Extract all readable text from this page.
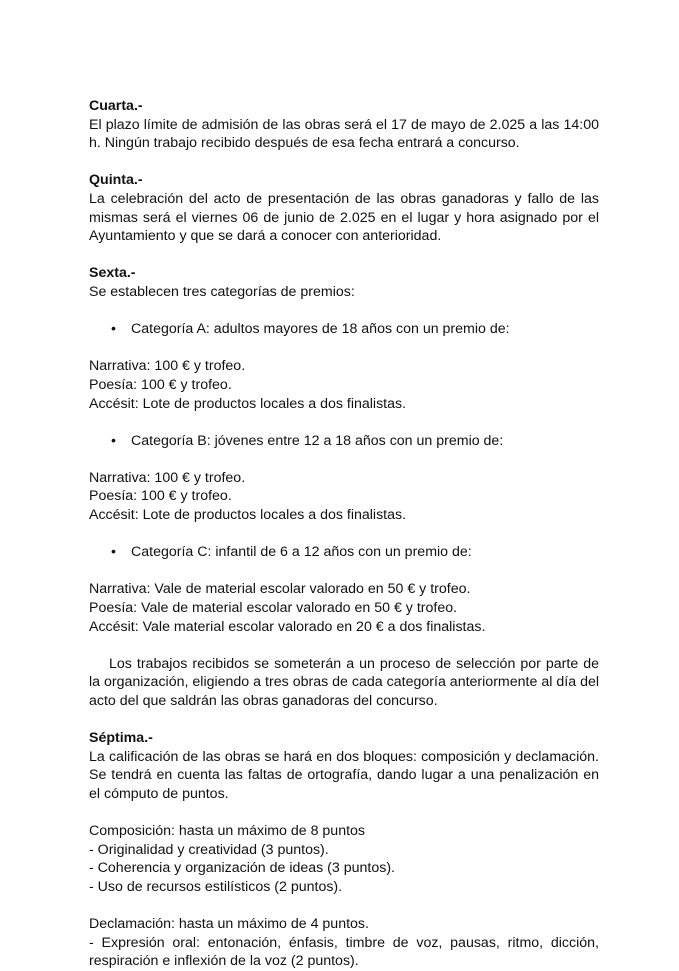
Cuarta.-

El plazo límite de admisión de las obras será el 17 de mayo de 2.025 a las 14:00 h. Ningún trabajo recibido después de esa fecha entrará a concurso.

Quinta.-

La celebración del acto de presentación de las obras ganadoras y fallo de las mismas será el viernes 06 de junio de 2.025 en el lugar y hora asignado por el Ayuntamiento y que se dará a conocer con anterioridad.

Sexta.-

Se establecen tres categorías de premios:

• Categoría A: adultos mayores de 18 años con un premio de:

Narrativa: 100 € y trofeo.

Poesía: 100 € y trofeo.

Accésit: Lote de productos locales a dos finalistas.

• Categoría B: jóvenes entre 12 a 18 años con un premio de:

Narrativa: 100 € y trofeo.

Poesía: 100 € y trofeo.

Accésit: Lote de productos locales a dos finalistas.

• Categoría C: infantil de 6 a 12 años con un premio de:

Narrativa: Vale de material escolar valorado en 50 € y trofeo.

Poesía: Vale de material escolar valorado en 50 € y trofeo.

Accésit: Vale material escolar valorado en 20 € a dos finalistas.

Los trabajos recibidos se someterán a un proceso de selección por parte de la organización, eligiendo a tres obras de cada categoría anteriormente al día del acto del que saldrán las obras ganadoras del concurso.

Séptima.-

La calificación de las obras se hará en dos bloques: composición y declamación. Se tendrá en cuenta las faltas de ortografía, dando lugar a una penalización en el cómputo de puntos.

Composición: hasta un máximo de 8 puntos

- Originalidad y creatividad (3 puntos).

- Coherencia y organización de ideas (3 puntos).

- Uso de recursos estilísticos (2 puntos).

Declamación: hasta un máximo de 4 puntos.

- Expresión oral: entonación, énfasis, timbre de voz, pausas, ritmo, dicción, respiración e inflexión de la voz (2 puntos).
